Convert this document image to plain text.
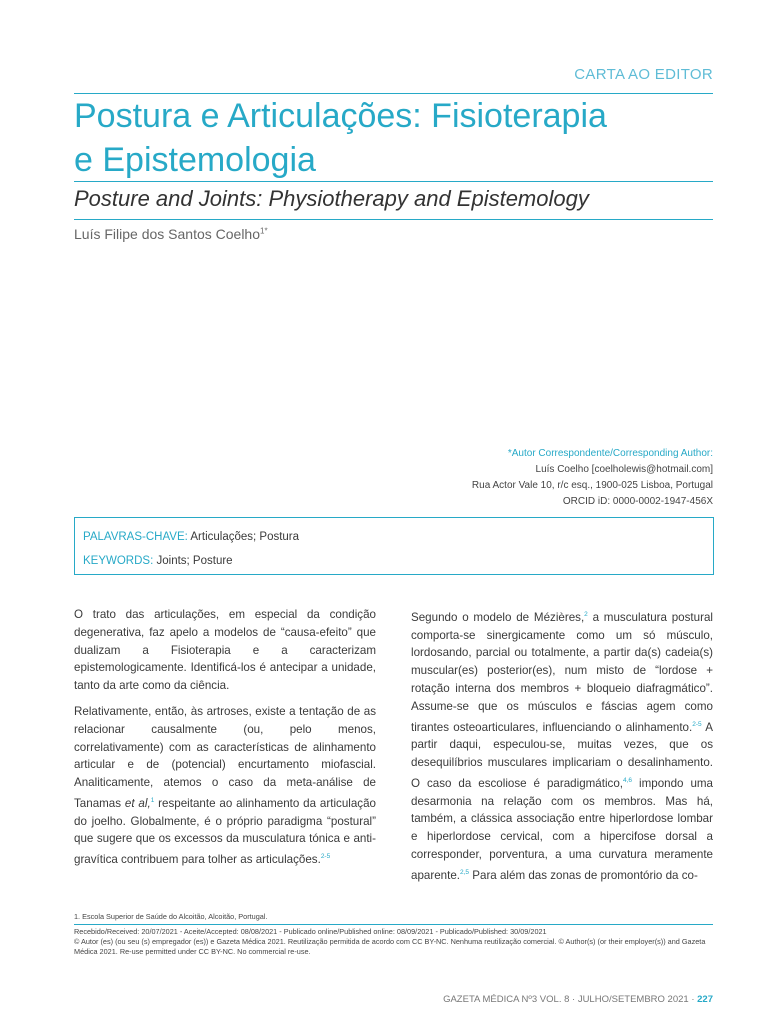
CARTA AO EDITOR
Postura e Articulações: Fisioterapia
e Epistemologia
Posture and Joints: Physiotherapy and Epistemology
Luís Filipe dos Santos Coelho$^{1*}$
*Autor Correspondente/Corresponding Author:
Luís Coelho [coelholewis@hotmail.com]
Rua Actor Vale 10, r/c esq., 1900-025 Lisboa, Portugal
ORCID iD: 0000-0002-1947-456X
PALAVRAS-CHAVE: Articulações; Postura
KEYWORDS: Joints; Posture

O trato das articulações, em especial da condição degenerativa, faz apelo a modelos de “causa-efeito” que dualizam a Fisioterapia e a caracterizam epistemologicamente. Identificá-los é antecipar a unidade, tanto da arte como da ciência.

Relativamente, então, às artroses, existe a tentação de as relacionar causalmente (ou, pelo menos, correlativamente) com as características de alinhamento articular e de (potencial) encurtamento miofascial. Analiticamente, atemos o caso da meta-análise de Tanamas et al,$^1$ respeitante ao alinhamento da articulação do joelho. Globalmente, é o próprio paradigma “postural” que sugere que os excessos da musculatura tónica e anti-gravítica contribuem para tolher as articulações.$^{2-5}$

Segundo o modelo de Mézières,$^2$ a musculatura postural comporta-se sinergicamente como um só músculo, lordosando, parcial ou totalmente, a partir da(s) cadeia(s) muscular(es) posterior(es), num misto de “lordose + rotação interna dos membros + bloqueio diafragmático”. Assume-se que os músculos e fáscias agem como tirantes osteoarticulares, influenciando o alinhamento.$^{2-5}$ A partir daqui, especulou-se, muitas vezes, que os desequilíbrios musculares implicariam o desalinhamento. O caso da escoliose é paradigmático,$^{4,6}$ impondo uma desarmonia na relação com os membros. Mas há, também, a clássica associação entre hiperlordose lombar e hiperlordose cervical, com a hipercifose dorsal a corresponder, porventura, a uma curvatura meramente aparente.$^{2,5}$ Para além das zonas de promontório da co-

1. Escola Superior de Saúde do Alcoitão, Alcoitão, Portugal.
Recebido/Received: 20/07/2021 - Aceite/Accepted: 08/08/2021 - Publicado online/Published online: 08/09/2021 - Publicado/Published: 30/09/2021
© Autor (es) (ou seu (s) empregador (es)) e Gazeta Médica 2021. Reutilização permitida de acordo com CC BY-NC. Nenhuma reutilização comercial. © Author(s) (or their employer(s)) and Gazeta Médica 2021. Re-use permitted under CC BY-NC. No commercial re-use.
GAZETA MÉDICA Nº3 VOL. 8 · JULHO/SETEMBRO 2021 · 227
